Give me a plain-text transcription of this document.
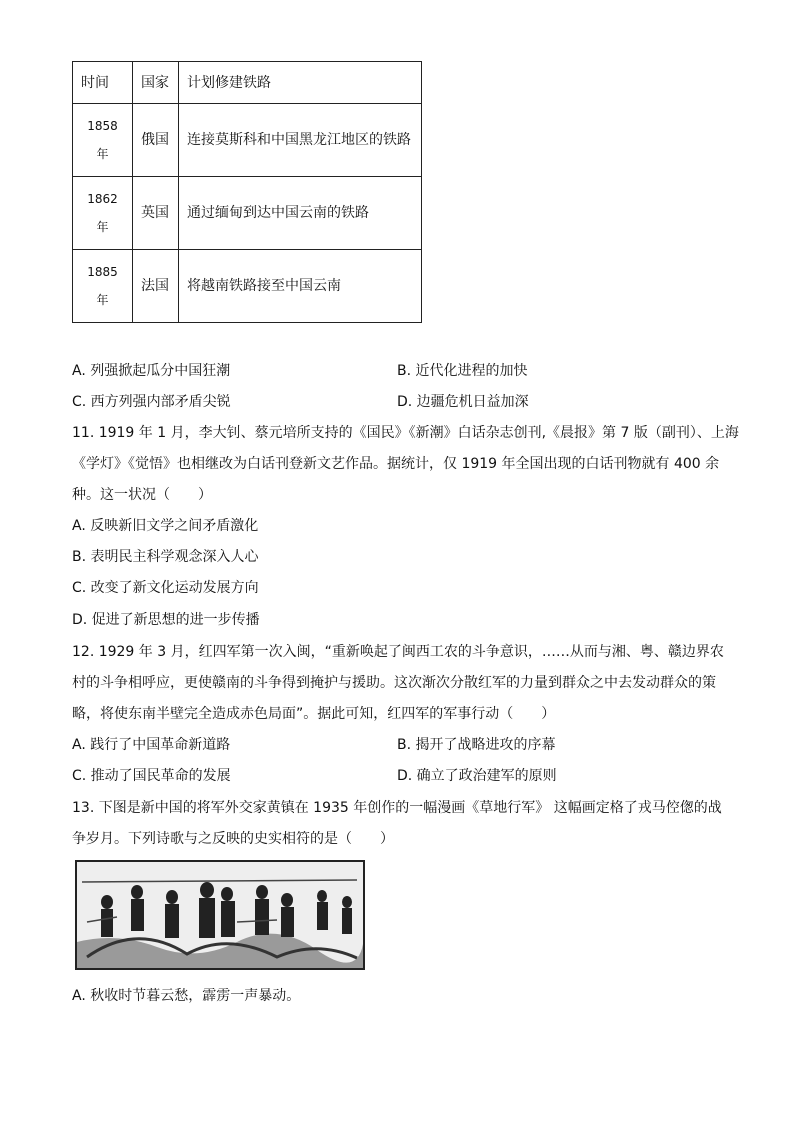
时间	国家	计划修建铁路

1858
年	俄国	连接莫斯科和中国黑龙江地区的铁路

1862
年	英国	通过缅甸到达中国云南的铁路

1885
年	法国	将越南铁路接至中国云南
A. 列强掀起瓜分中国狂潮	B. 近代化进程的加快
C. 西方列强内部矛盾尖锐	D. 边疆危机日益加深
11. 1919 年 1 月，李大钊、蔡元培所支持的《国民》《新潮》白话杂志创刊,《晨报》第 7 版（副刊）、上海
《学灯》《觉悟》也相继改为白话刊登新文艺作品。据统计，仅 1919 年全国出现的白话刊物就有 400 余
种。这一状况（　　）
A. 反映新旧文学之间矛盾激化
B. 表明民主科学观念深入人心
C. 改变了新文化运动发展方向
D. 促进了新思想的进一步传播
12. 1929 年 3 月，红四军第一次入闽，“重新唤起了闽西工农的斗争意识，……从而与湘、粤、赣边界农
村的斗争相呼应，更使赣南的斗争得到掩护与援助。这次渐次分散红军的力量到群众之中去发动群众的策
略，将使东南半壁完全造成赤色局面”。据此可知，红四军的军事行动（　　）
A. 践行了中国革命新道路	B. 揭开了战略进攻的序幕
C. 推动了国民革命的发展	D. 确立了政治建军的原则
13. 下图是新中国的将军外交家黄镇在 1935 年创作的一幅漫画《草地行军》 这幅画定格了戎马倥偬的战
争岁月。下列诗歌与之反映的史实相符的是（　　）
A. 秋收时节暮云愁，霹雳一声暴动。
